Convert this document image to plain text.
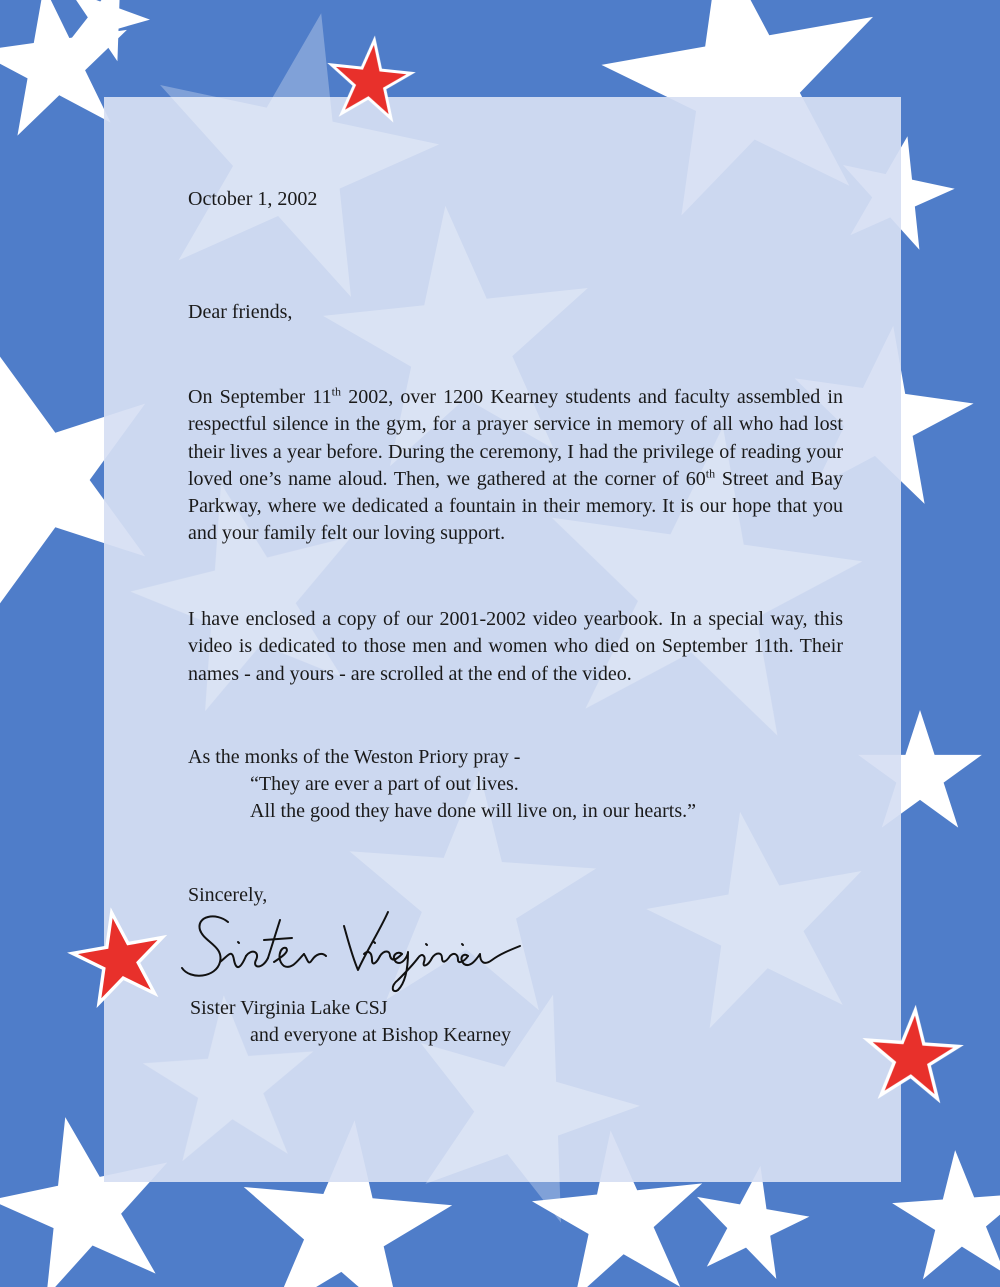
October 1, 2002
Dear friends,

On September 11th 2002, over 1200 Kearney students and faculty assembled in respectful silence in the gym, for a prayer service in memory of all who had lost their lives a year before. During the ceremony, I had the privilege of reading your loved one’s name aloud. Then, we gathered at the corner of 60th Street and Bay Parkway, where we dedicated a fountain in their memory. It is our hope that you and your family felt our loving support.

I have enclosed a copy of our 2001-2002 video yearbook. In a special way, this video is dedicated to those men and women who died on September 11th. Their names - and yours - are scrolled at the end of the video.

As the monks of the Weston Priory pray -
“They are ever a part of out lives.
All the good they have done will live on, in our hearts.”
Sincerely,
Sister Virginia Lake CSJ
and everyone at Bishop Kearney
